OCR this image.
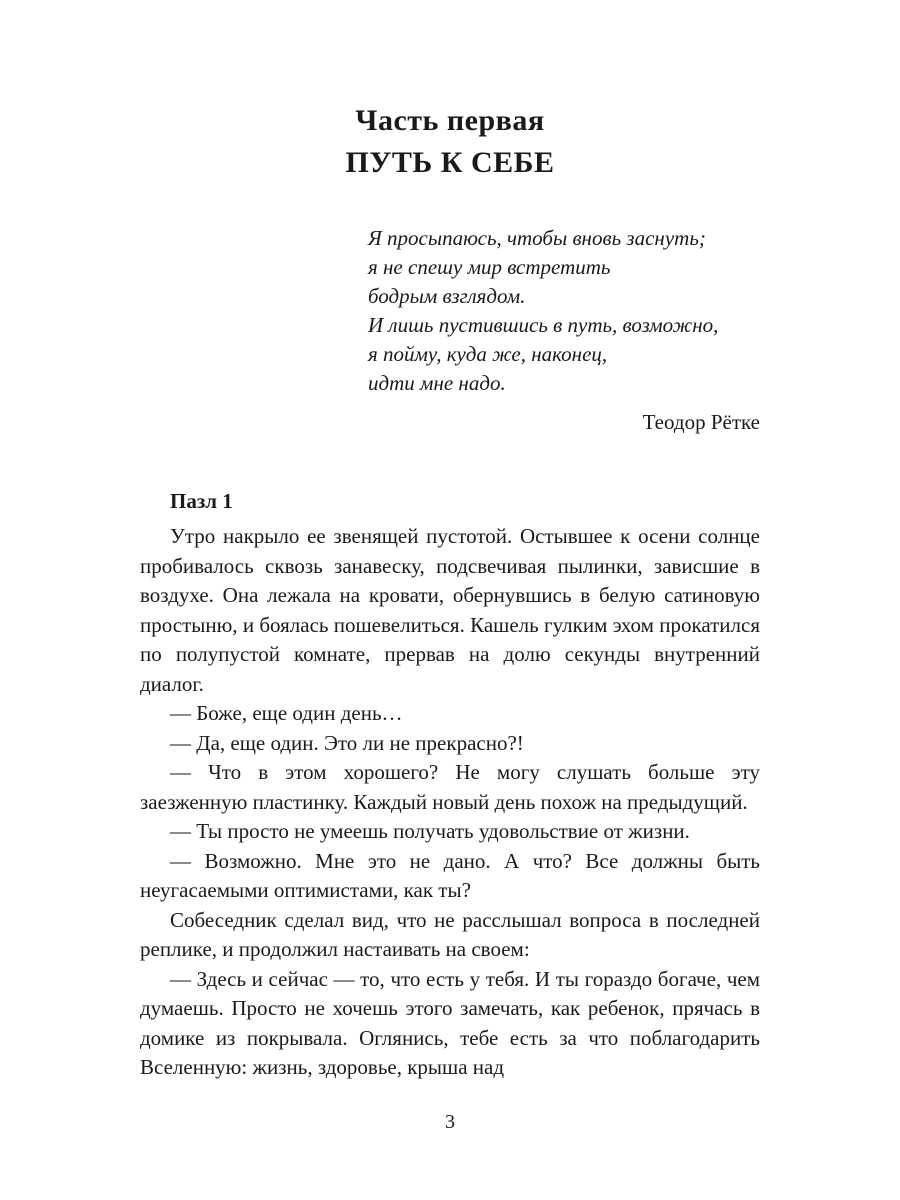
Часть первая
ПУТЬ К СЕБЕ
Я просыпаюсь, чтобы вновь заснуть;
я не спешу мир встретить
бодрым взглядом.
И лишь пустившись в путь, возможно,
я пойму, куда же, наконец,
идти мне надо.
Теодор Рётке
Пазл 1

Утро накрыло ее звенящей пустотой. Остывшее к осени солнце пробивалось сквозь занавеску, подсвечивая пылинки, зависшие в воздухе. Она лежала на кровати, обернувшись в белую сатиновую простыню, и боялась пошевелиться. Кашель гулким эхом прокатился по полупустой комнате, прервав на долю секунды внутренний диалог.

— Боже, еще один день…

— Да, еще один. Это ли не прекрасно?!

— Что в этом хорошего? Не могу слушать больше эту заезженную пластинку. Каждый новый день похож на предыдущий.

— Ты просто не умеешь получать удовольствие от жизни.

— Возможно. Мне это не дано. А что? Все должны быть неугасаемыми оптимистами, как ты?

Собеседник сделал вид, что не расслышал вопроса в последней реплике, и продолжил настаивать на своем:

— Здесь и сейчас — то, что есть у тебя. И ты гораздо богаче, чем думаешь. Просто не хочешь этого замечать, как ребенок, прячась в домике из покрывала. Оглянись, тебе есть за что поблагодарить Вселенную: жизнь, здоровье, крыша над

3
